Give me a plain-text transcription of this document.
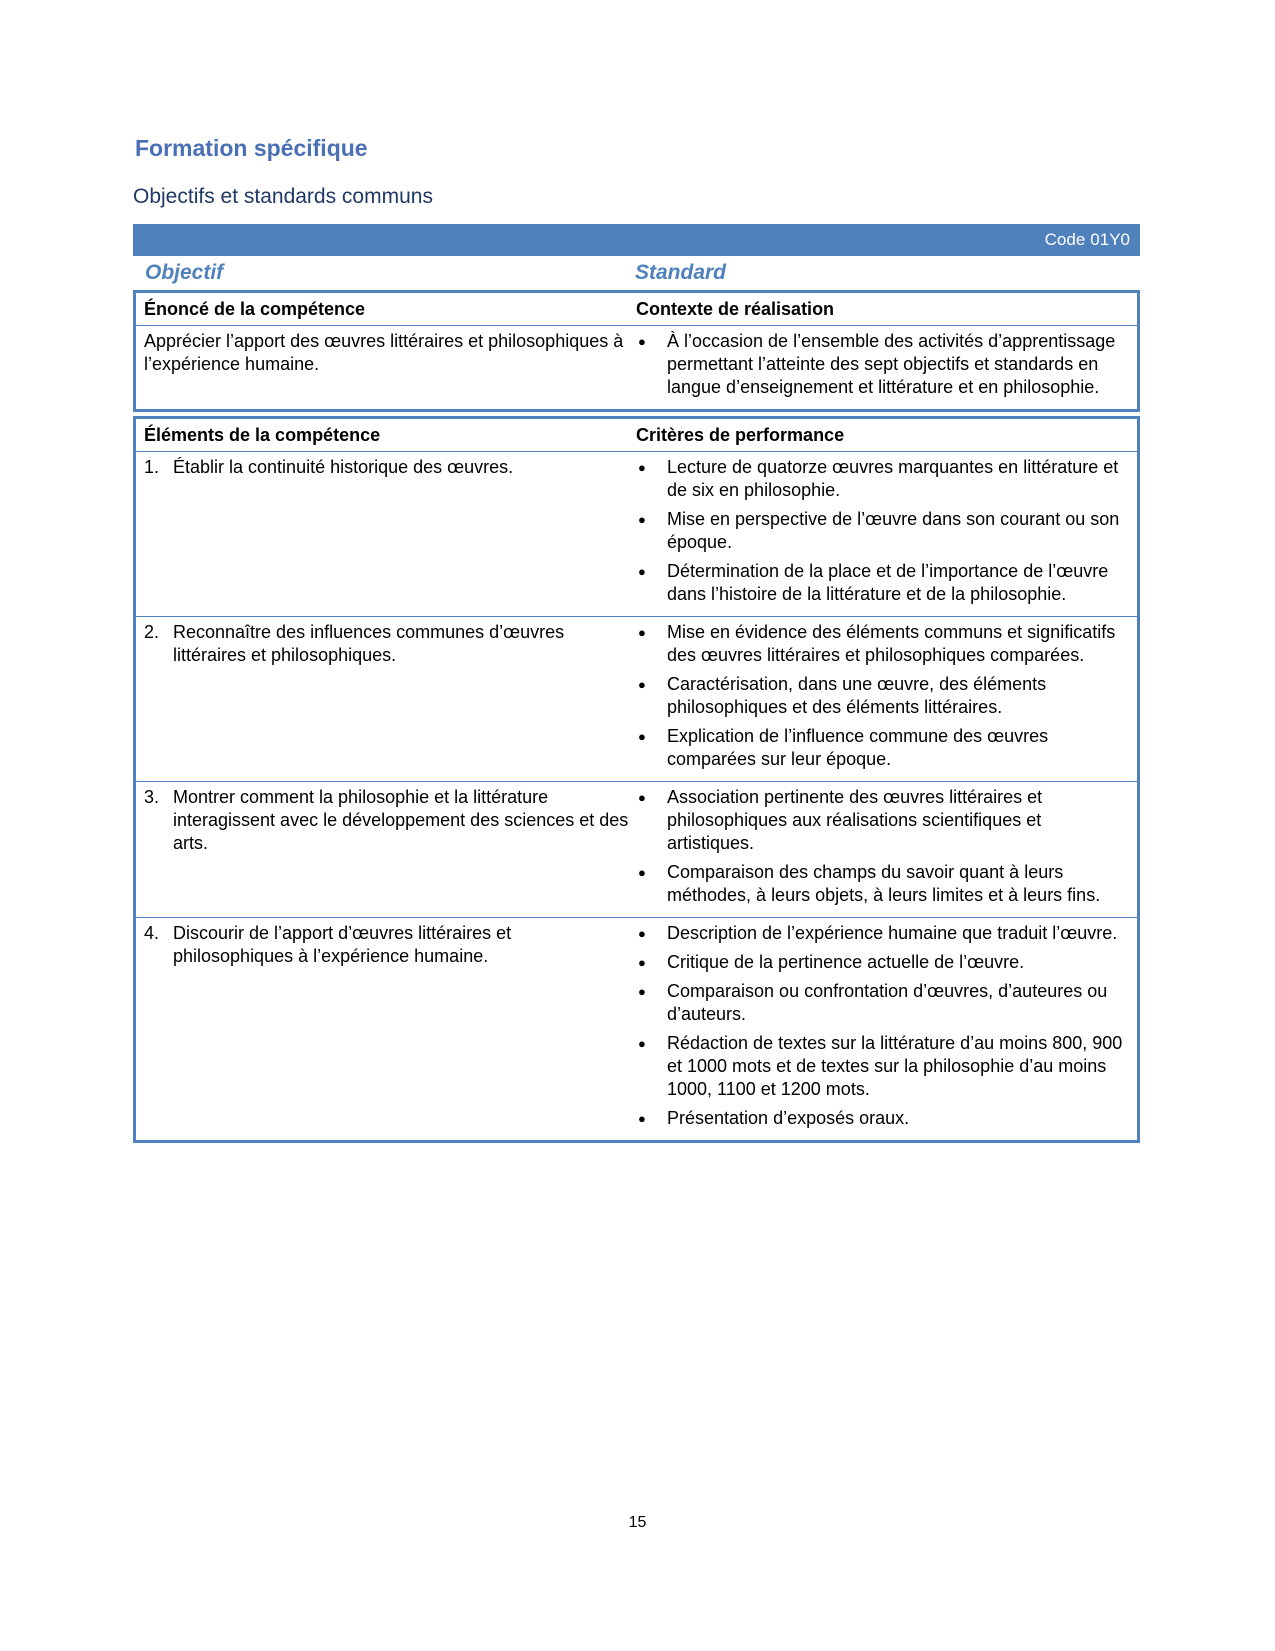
Formation spécifique
Objectifs et standards communs
Code 01Y0
Objectif	Standard
Énoncé de la compétence	Contexte de réalisation
Apprécier l’apport des œuvres littéraires et philosophiques à l’expérience humaine.
●	À l’occasion de l’ensemble des activités d’apprentissage permettant l’atteinte des sept objectifs et standards en langue d’enseignement et littérature et en philosophie.
Éléments de la compétence	Critères de performance
1. Établir la continuité historique des œuvres.	●	Lecture de quatorze œuvres marquantes en littérature et de six en philosophie.
●	Mise en perspective de l’œuvre dans son courant ou son époque.
●	Détermination de la place et de l’importance de l’œuvre dans l’histoire de la littérature et de la philosophie.
2. Reconnaître des influences communes d’œuvres littéraires et philosophiques.
●	Mise en évidence des éléments communs et significatifs des œuvres littéraires et philosophiques comparées.
●	Caractérisation, dans une œuvre, des éléments philosophiques et des éléments littéraires.
●	Explication de l’influence commune des œuvres comparées sur leur époque.
3. Montrer comment la philosophie et la littérature interagissent avec le développement des sciences et des arts.
●	Association pertinente des œuvres littéraires et philosophiques aux réalisations scientifiques et artistiques.
●	Comparaison des champs du savoir quant à leurs méthodes, à leurs objets, à leurs limites et à leurs fins.
4. Discourir de l’apport d’œuvres littéraires et philosophiques à l’expérience humaine.
●	Description de l’expérience humaine que traduit l’œuvre.
●	Critique de la pertinence actuelle de l’œuvre.
●	Comparaison ou confrontation d’œuvres, d’auteures ou d’auteurs.
●	Rédaction de textes sur la littérature d’au moins 800, 900 et 1000 mots et de textes sur la philosophie d’au moins 1000, 1100 et 1200 mots.
●	Présentation d’exposés oraux.
15
